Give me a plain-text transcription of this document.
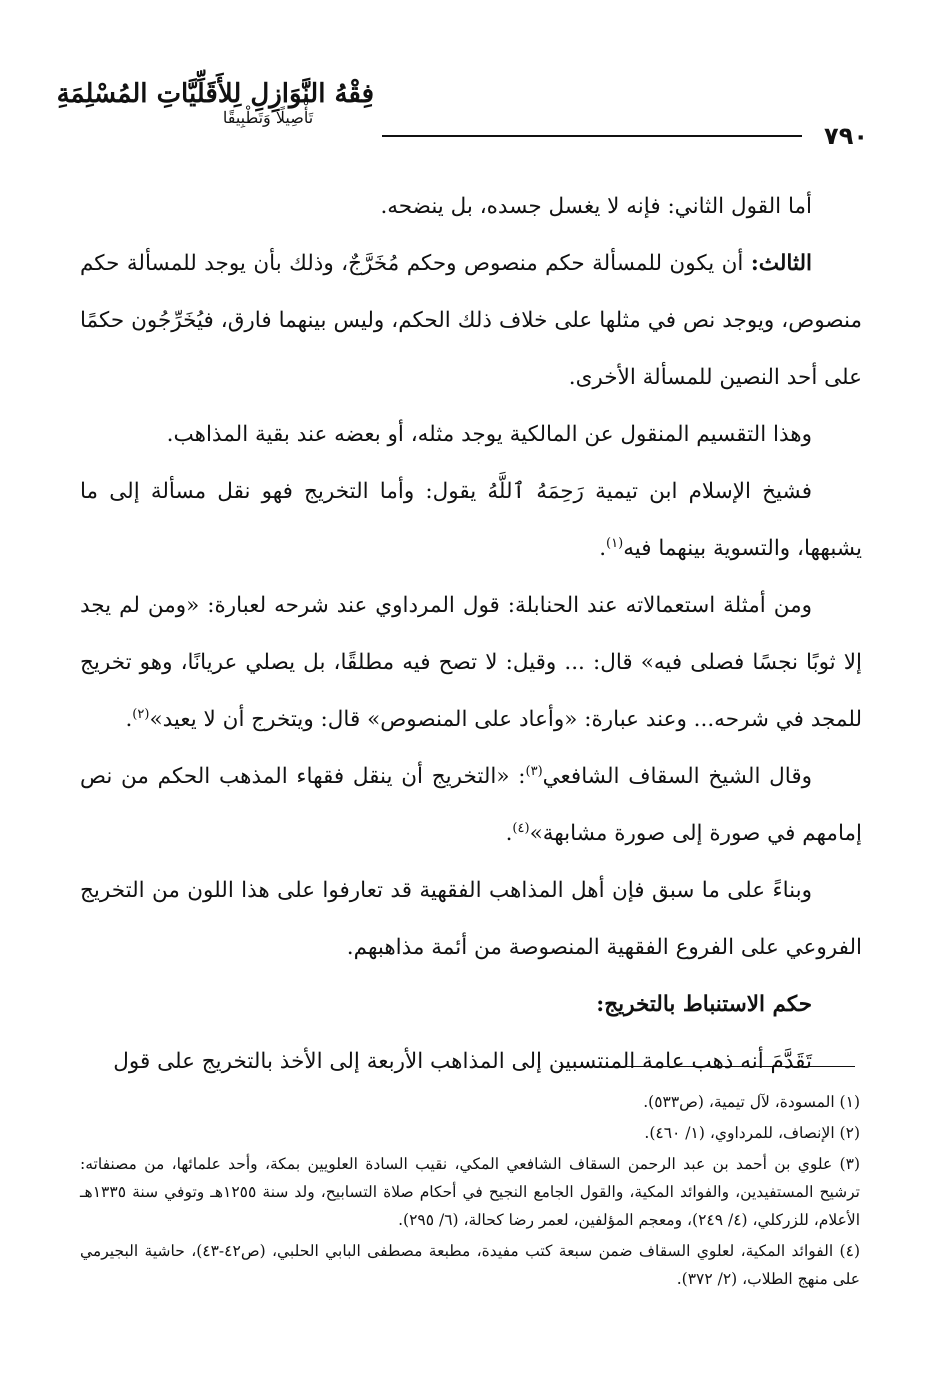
فِقْهُ النَّوَازِلِ لِلأَقَلِّيَّاتِ المُسْلِمَةِ
تَأْصِيلًا وَتَطْبِيقًا
٧٩٠

أما القول الثاني: فإنه لا يغسل جسده، بل ينضحه.

الثالث: أن يكون للمسألة حكم منصوص وحكم مُخَرَّجٌ، وذلك بأن يوجد للمسألة حكم منصوص، ويوجد نص في مثلها على خلاف ذلك الحكم، وليس بينهما فارق، فيُخَرِّجُون حكمًا على أحد النصين للمسألة الأخرى.

وهذا التقسيم المنقول عن المالكية يوجد مثله، أو بعضه عند بقية المذاهب.

فشيخ الإسلام ابن تيمية رَحِمَهُ ٱللَّهُ يقول: وأما التخريج فهو نقل مسألة إلى ما يشبهها، والتسوية بينهما فيه$^{(١)}$.

ومن أمثلة استعمالاته عند الحنابلة: قول المرداوي عند شرحه لعبارة: «ومن لم يجد إلا ثوبًا نجسًا فصلى فيه» قال: ... وقيل: لا تصح فيه مطلقًا، بل يصلي عريانًا، وهو تخريج للمجد في شرحه... وعند عبارة: «وأعاد على المنصوص» قال: ويتخرج أن لا يعيد»$^{(٢)}$.

وقال الشيخ السقاف الشافعي$^{(٣)}$: «التخريج أن ينقل فقهاء المذهب الحكم من نص إمامهم في صورة إلى صورة مشابهة»$^{(٤)}$.

وبناءً على ما سبق فإن أهل المذاهب الفقهية قد تعارفوا على هذا اللون من التخريج الفروعي على الفروع الفقهية المنصوصة من أئمة مذاهبهم.

حكم الاستنباط بالتخريج:

تَقَدَّمَ أنه ذهب عامة المنتسبين إلى المذاهب الأربعة إلى الأخذ بالتخريج على قول

(١) المسودة، لآل تيمية، (ص٥٣٣).

(٢) الإنصاف، للمرداوي، (١/ ٤٦٠).

(٣) علوي بن أحمد بن عبد الرحمن السقاف الشافعي المكي، نقيب السادة العلويين بمكة، وأحد علمائها، من مصنفاته: ترشيح المستفيدين، والفوائد المكية، والقول الجامع النجيح في أحكام صلاة التسابيح، ولد سنة ١٢٥٥هـ وتوفي سنة ١٣٣٥هـ الأعلام، للزركلي، (٤/ ٢٤٩)، ومعجم المؤلفين، لعمر رضا كحالة، (٦/ ٢٩٥).

(٤) الفوائد المكية، لعلوي السقاف ضمن سبعة كتب مفيدة، مطبعة مصطفى البابي الحلبي، (ص٤٢-٤٣)، حاشية البجيرمي على منهج الطلاب، (٢/ ٣٧٢).
